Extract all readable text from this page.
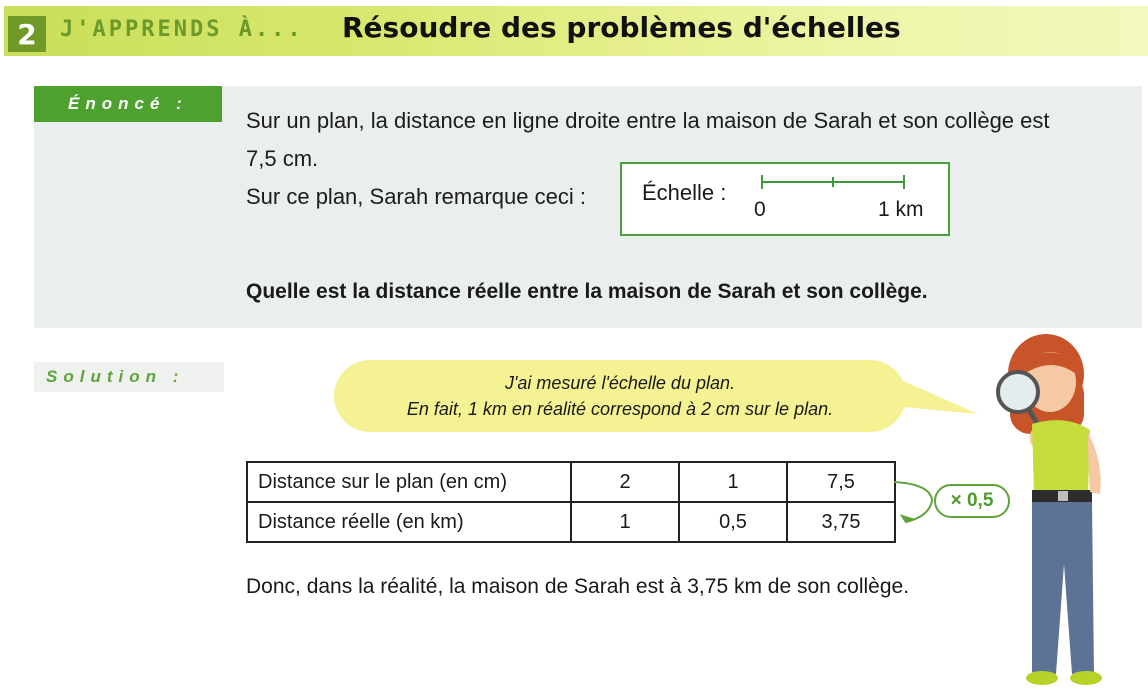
2	J'APPRENDS À... Résoudre des problèmes d'échelles
Énoncé :

Sur un plan, la distance en ligne droite entre la maison de Sarah et son collège est

7,5 cm.

Sur ce plan, Sarah remarque ceci :	Échelle :
0	1 km
Quelle est la distance réelle entre la maison de Sarah et son collège.
Solution :	J'ai mesuré l'échelle du plan.
En fait, 1 km en réalité correspond à 2 cm sur le plan.
Distance sur le plan (en cm)	2	1	7,5
Distance réelle (en km)	1	0,5	3,75
× 0,5
Donc, dans la réalité, la maison de Sarah est à 3,75 km de son collège.
